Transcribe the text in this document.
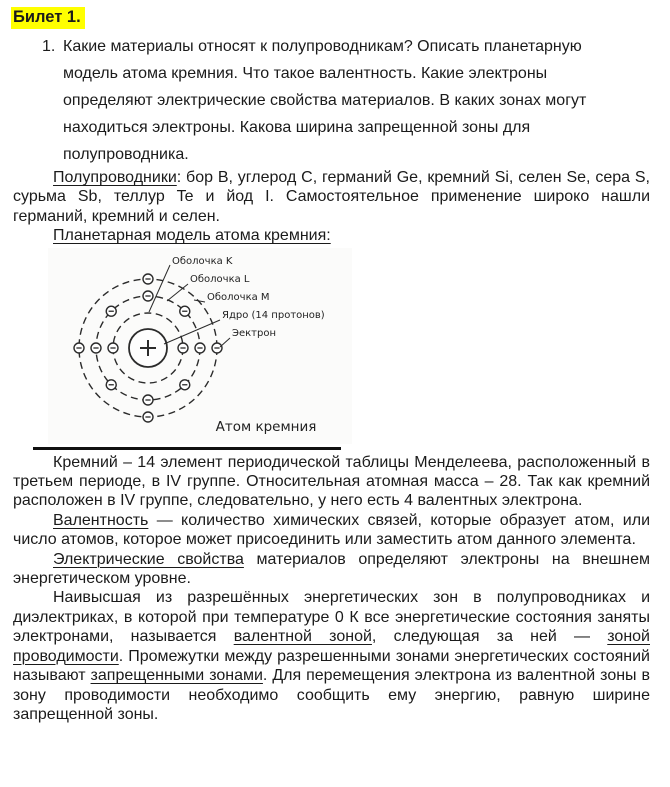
Билет 1.
1. Какие материалы относят к полупроводникам? Описать планетарную модель атома кремния. Что такое валентность. Какие электроны определяют электрические свойства материалов. В каких зонах могут находиться электроны. Какова ширина запрещенной зоны для полупроводника.

Полупроводники: бор B, углерод C, германий Ge, кремний Si, селен Se, сера S, сурьма Sb, теллур Te и йод I. Самостоятельное применение широко нашли германий, кремний и селен.

Планетарная модель атома кремния:

Оболочка K
Оболочка L
Оболочка M
Ядро (14 протонов)
Эектрон
Атом кремния

Кремний – 14 элемент периодической таблицы Менделеева, расположенный в третьем периоде, в IV группе. Относительная атомная масса – 28. Так как кремний расположен в IV группе, следовательно, у него есть 4 валентных электрона.

Валентность — количество химических связей, которые образует атом, или число атомов, которое может присоединить или заместить атом данного элемента.

Электрические свойства материалов определяют электроны на внешнем энергетическом уровне.

Наивысшая из разрешённых энергетических зон в полупроводниках и диэлектриках, в которой при температуре 0 К все энергетические состояния заняты электронами, называется валентной зоной, следующая за ней — зоной проводимости. Промежутки между разрешенными зонами энергетических состояний называют запрещенными зонами. Для перемещения электрона из валентной зоны в зону проводимости необходимо сообщить ему энергию, равную ширине запрещенной зоны.
